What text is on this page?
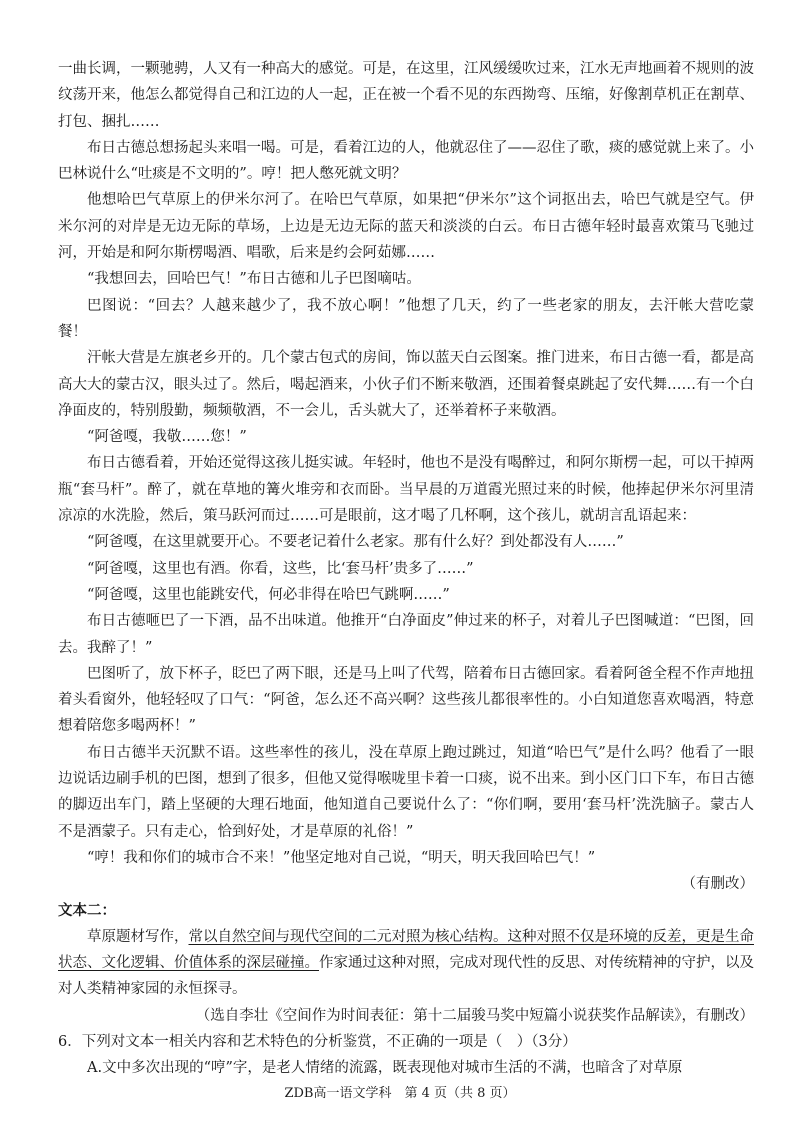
一曲长调，一颗驰骋，人又有一种高大的感觉。可是，在这里，江风缓缓吹过来，江水无声地画着不规则的波纹荡开来，他怎么都觉得自己和江边的人一起，正在被一个看不见的东西拗弯、压缩，好像割草机正在割草、打包、捆扎……

布日古德总想扬起头来唱一喝。可是，看着江边的人，他就忍住了——忍住了歌，痰的感觉就上来了。小巴林说什么“吐痰是不文明的”。哼！把人憋死就文明？

他想哈巴气草原上的伊米尔河了。在哈巴气草原，如果把“伊米尔”这个词抠出去，哈巴气就是空气。伊米尔河的对岸是无边无际的草场，上边是无边无际的蓝天和淡淡的白云。布日古德年轻时最喜欢策马飞驰过河，开始是和阿尔斯楞喝酒、唱歌，后来是约会阿茹娜……

“我想回去，回哈巴气！”布日古德和儿子巴图嘀咕。

巴图说：“回去？人越来越少了，我不放心啊！”他想了几天，约了一些老家的朋友，去汗帐大营吃蒙餐！

汗帐大营是左旗老乡开的。几个蒙古包式的房间，饰以蓝天白云图案。推门进来，布日古德一看，都是高高大大的蒙古汉，眼头过了。然后，喝起酒来，小伙子们不断来敬酒，还围着餐桌跳起了安代舞……有一个白净面皮的，特别殷勤，频频敬酒，不一会儿，舌头就大了，还举着杯子来敬酒。

“阿爸嘎，我敬……您！”

布日古德看着，开始还觉得这孩儿挺实诚。年轻时，他也不是没有喝醉过，和阿尔斯楞一起，可以干掉两瓶“套马杆”。醉了，就在草地的篝火堆旁和衣而卧。当早晨的万道霞光照过来的时候，他捧起伊米尔河里清凉凉的水洗脸，然后，策马跃河而过……可是眼前，这才喝了几杯啊，这个孩儿，就胡言乱语起来：

“阿爸嘎，在这里就要开心。不要老记着什么老家。那有什么好？到处都没有人……”

“阿爸嘎，这里也有酒。你看，这些，比‘套马杆’贵多了……”

“阿爸嘎，这里也能跳安代，何必非得在哈巴气跳啊……”

布日古德咂巴了一下酒，品不出味道。他推开“白净面皮”伸过来的杯子，对着儿子巴图喊道：“巴图，回去。我醉了！”

巴图听了，放下杯子，眨巴了两下眼，还是马上叫了代驾，陪着布日古德回家。看着阿爸全程不作声地扭着头看窗外，他轻轻叹了口气：“阿爸，怎么还不高兴啊？这些孩儿都很率性的。小白知道您喜欢喝酒，特意想着陪您多喝两杯！”

布日古德半天沉默不语。这些率性的孩儿，没在草原上跑过跳过，知道“哈巴气”是什么吗？他看了一眼边说话边刷手机的巴图，想到了很多，但他又觉得喉咙里卡着一口痰，说不出来。到小区门口下车，布日古德的脚迈出车门，踏上坚硬的大理石地面，他知道自己要说什么了：“你们啊，要用‘套马杆’洗洗脑子。蒙古人不是酒蒙子。只有走心，恰到好处，才是草原的礼俗！”

“哼！我和你们的城市合不来！”他坚定地对自己说，“明天，明天我回哈巴气！”

（有删改）

文本二：

草原题材写作，常以自然空间与现代空间的二元对照为核心结构。这种对照不仅是环境的反差，更是生命状态、文化逻辑、价值体系的深层碰撞。作家通过这种对照，完成对现代性的反思、对传统精神的守护，以及对人类精神家园的永恒探寻。

（选自李壮《空间作为时间表征：第十二届骏马奖中短篇小说获奖作品解读》，有删改）

6．下列对文本一相关内容和艺术特色的分析鉴赏，不正确的一项是（　）（3分）

A.文中多次出现的“哼”字，是老人情绪的流露，既表现他对城市生活的不满，也暗含了对草原

ZDB高一语文学科　第 4 页（共 8 页）
